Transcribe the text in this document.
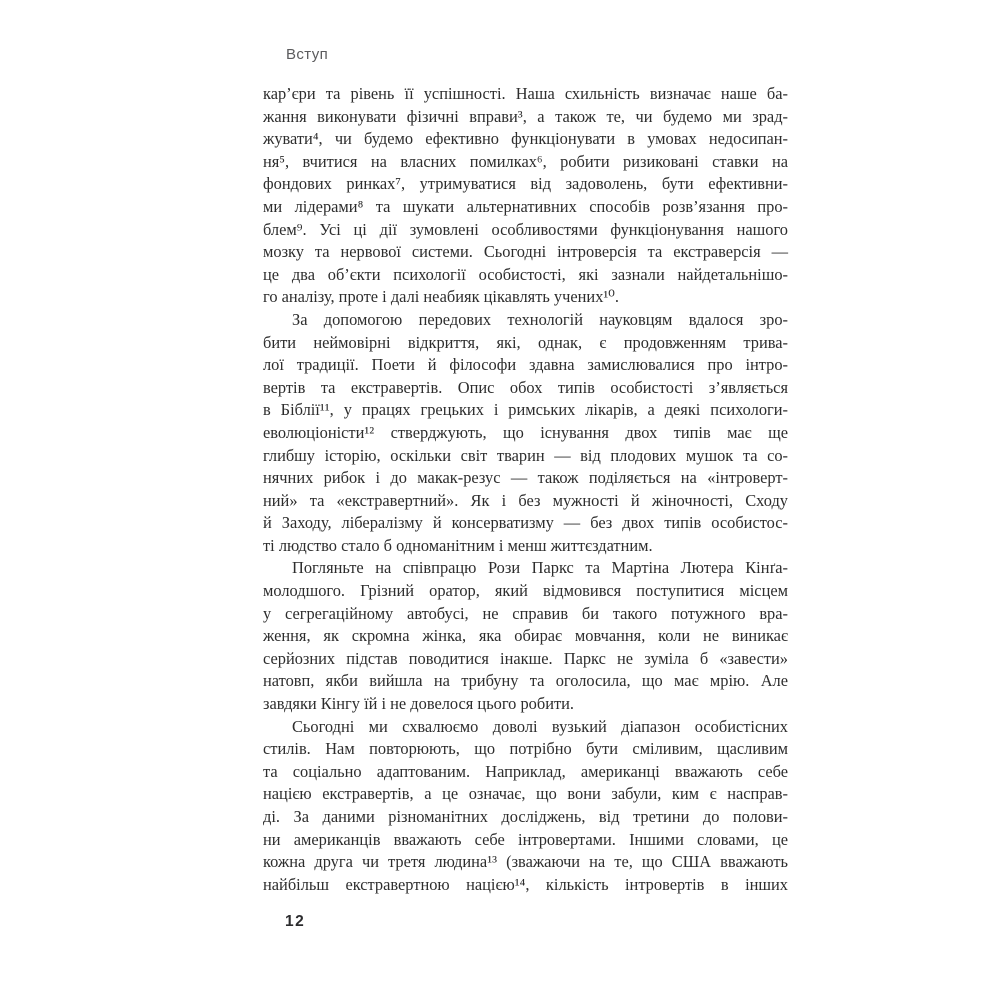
Вступ
кар’єри та рівень її успішності. Наша схильність визначає наше ба-
жання виконувати фізичні вправи³, а також те, чи будемо ми зрад-
жувати⁴, чи будемо ефективно функціонувати в умовах недосипан-
ня⁵, вчитися на власних помилках⁶, робити ризиковані ставки на
фондових ринках⁷, утримуватися від задоволень, бути ефективни-
ми лідерами⁸ та шукати альтернативних способів розв’язання про-
блем⁹. Усі ці дії зумовлені особливостями функціонування нашого
мозку та нервової системи. Сьогодні інтроверсія та екстраверсія —
це два об’єкти психології особистості, які зазнали найдетальнішо-
го аналізу, проте і далі неабияк цікавлять учених¹⁰.
За допомогою передових технологій науковцям вдалося зро-
бити неймовірні відкриття, які, однак, є продовженням трива-
лої традиції. Поети й філософи здавна замислювалися про інтро-
вертів та екстравертів. Опис обох типів особистості з’являється
в Біблії¹¹, у працях грецьких і римських лікарів, а деякі психологи-
еволюціоністи¹² стверджують, що існування двох типів має ще
глибшу історію, оскільки світ тварин — від плодових мушок та со-
нячних рибок і до макак-резус — також поділяється на «інтроверт-
ний» та «екстравертний». Як і без мужності й жіночності, Сходу
й Заходу, лібералізму й консерватизму — без двох типів особистос-
ті людство стало б одноманітним і менш життєздатним.
Погляньте на співпрацю Рози Паркс та Мартіна Лютера Кінґа-
молодшого. Грізний оратор, який відмовився поступитися місцем
у сегрегаційному автобусі, не справив би такого потужного вра-
ження, як скромна жінка, яка обирає мовчання, коли не виникає
серйозних підстав поводитися інакше. Паркс не зуміла б «завести»
натовп, якби вийшла на трибуну та оголосила, що має мрію. Але
завдяки Кінгу їй і не довелося цього робити.
Сьогодні ми схвалюємо доволі вузький діапазон особистісних
стилів. Нам повторюють, що потрібно бути сміливим, щасливим
та соціально адаптованим. Наприклад, американці вважають себе
нацією екстравертів, а це означає, що вони забули, ким є насправ-
ді. За даними різноманітних досліджень, від третини до полови-
ни американців вважають себе інтровертами. Іншими словами, це
кожна друга чи третя людина¹³ (зважаючи на те, що США вважають
найбільш екстравертною нацією¹⁴, кількість інтровертів в інших
12
